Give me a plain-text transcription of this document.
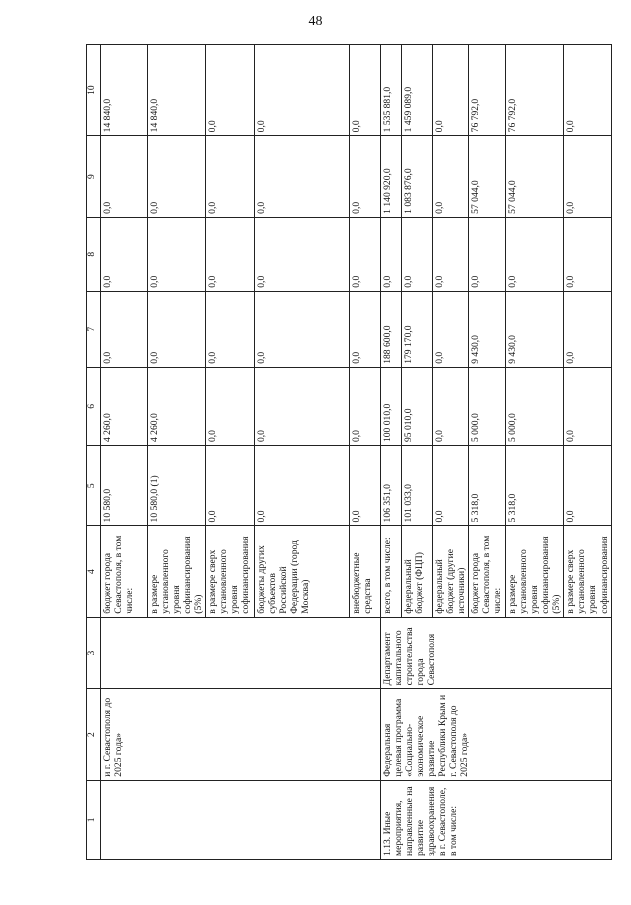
48
1	2	3	4	5	6	7	8	9	10
	и г. Севастополя до 2025 года»		бюджет города Севастополя, в том числе:	10 580,0	4 260,0	0,0	0,0	0,0	14 840,0
			в размере установленного уровня софинансирования (5%)	10 580,0 (1)	4 260,0	0,0	0,0	0,0	14 840,0
			в размере сверх установленного уровня софинансирования	0,0	0,0	0,0	0,0	0,0	0,0
			бюджеты других субъектов Российской Федерации (город Москва)	0,0	0,0	0,0	0,0	0,0	0,0
			внебюджетные средства	0,0	0,0	0,0	0,0	0,0	0,0
1.13. Иные мероприятия, направленные на развитие здравоохранения в г. Севастополе, в том числе:	Федеральная целевая программа «Социально-экономическое развитие Республики Крым и г. Севастополя до 2025 года»	Департамент капитального строительства города Севастополя	всего, в том числе:	106 351,0	100 010,0	188 600,0	0,0	1 140 920,0	1 535 881,0
			федеральный бюджет (ФЦП)	101 033,0	95 010,0	179 170,0	0,0	1 083 876,0	1 459 089,0
			федеральный бюджет (другие источники)	0,0	0,0	0,0	0,0	0,0	0,0
			бюджет города Севастополя, в том числе:	5 318,0	5 000,0	9 430,0	0,0	57 044,0	76 792,0
			в размере установленного уровня софинансирования (5%)	5 318,0	5 000,0	9 430,0	0,0	57 044,0	76 792,0
			в размере сверх установленного уровня софинансирования	0,0	0,0	0,0	0,0	0,0	0,0
